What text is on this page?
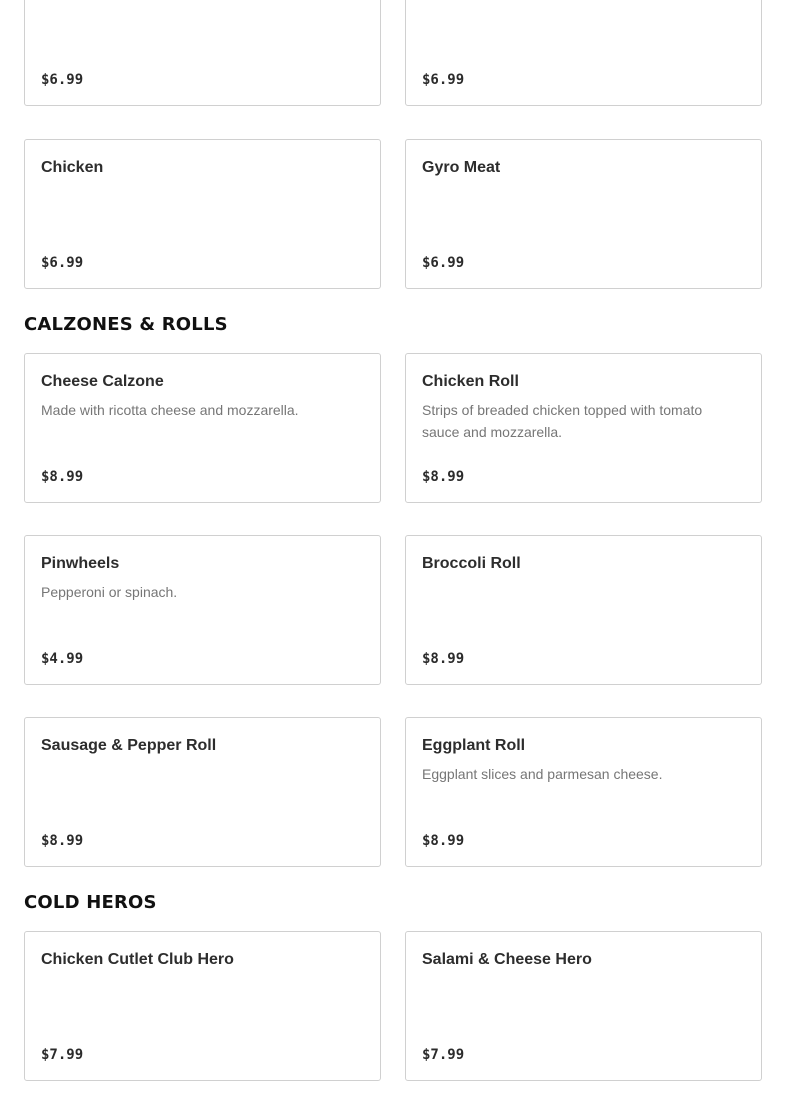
$6.99	$6.99
Chicken
$6.99
Gyro Meat
$6.99
CALZONES & ROLLS
Cheese Calzone
Made with ricotta cheese and mozzarella.
$8.99
Chicken Roll
Strips of breaded chicken topped with tomato sauce and mozzarella.
$8.99
Pinwheels
Pepperoni or spinach.
$4.99
Broccoli Roll
$8.99
Sausage & Pepper Roll
$8.99
Eggplant Roll
Eggplant slices and parmesan cheese.
$8.99
COLD HEROS
Chicken Cutlet Club Hero
$7.99
Salami & Cheese Hero
$7.99
